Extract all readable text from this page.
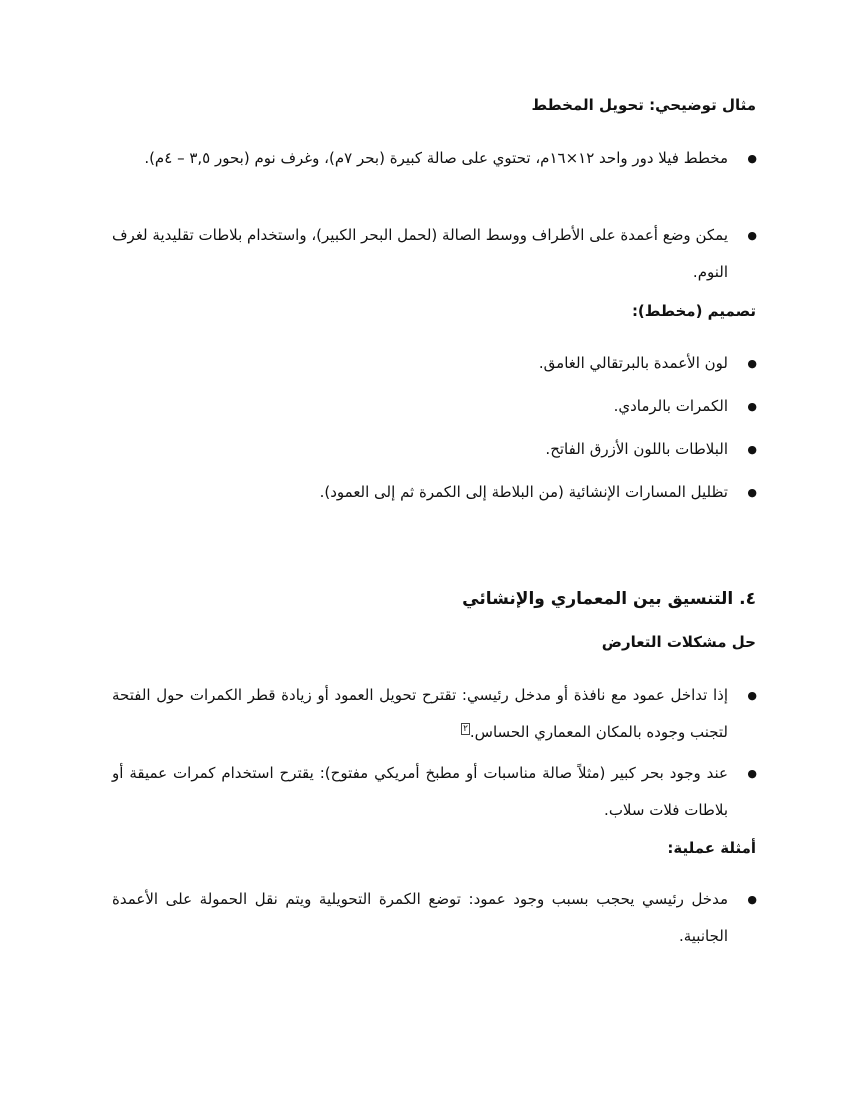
مثال توضيحي: تحويل المخطط
●
مخطط فيلا دور واحد ١٢×١٦م، تحتوي على صالة كبيرة (بحر ٧م)، وغرف نوم (بحور ٣,٥ – ٤م).
●
يمكن وضع أعمدة على الأطراف ووسط الصالة (لحمل البحر الكبير)، واستخدام بلاطات تقليدية لغرف النوم.
تصميم (مخطط):
●
لون الأعمدة بالبرتقالي الغامق.
●
الكمرات بالرمادي.
●
البلاطات باللون الأزرق الفاتح.
●
تظليل المسارات الإنشائية (من البلاطة إلى الكمرة ثم إلى العمود).
٤. التنسيق بين المعماري والإنشائي
حل مشكلات التعارض
●
إذا تداخل عمود مع نافذة أو مدخل رئيسي: تقترح تحويل العمود أو زيادة قطر الكمرات حول الفتحة لتجنب وجوده بالمكان المعماري الحساس.$^٢$
●
عند وجود بحر كبير (مثلاً صالة مناسبات أو مطبخ أمريكي مفتوح): يقترح استخدام كمرات عميقة أو بلاطات فلات سلاب.
أمثلة عملية:
●
مدخل رئيسي يحجب بسبب وجود عمود: توضع الكمرة التحويلية ويتم نقل الحمولة على الأعمدة الجانبية.
